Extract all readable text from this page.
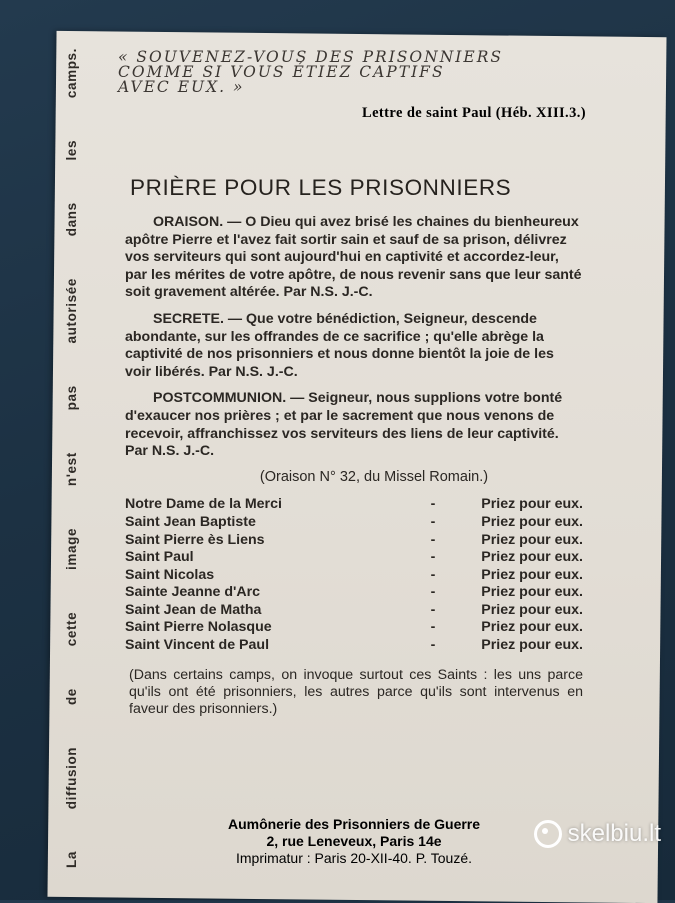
« SOUVENEZ-VOUS DES PRISONNIERS
COMME SI VOUS ÉTIEZ CAPTIFS
AVEC EUX. »
Lettre de saint Paul (Héb. XIII.3.)
La diffusion de cette image n'est pas autorisée dans les camps. PRIÈRE POUR LES PRISONNIERS

ORAISON. — O Dieu qui avez brisé les chaines du bienheureux apôtre Pierre et l'avez fait sortir sain et sauf de sa prison, délivrez vos serviteurs qui sont aujourd'hui en captivité et accordez-leur, par les mérites de votre apôtre, de nous revenir sans que leur santé soit gravement altérée. Par N.S. J.-C.

SECRETE. — Que votre bénédiction, Seigneur, descende abondante, sur les offrandes de ce sacrifice ; qu'elle abrège la captivité de nos prisonniers et nous donne bientôt la joie de les voir libérés. Par N.S. J.-C.

POSTCOMMUNION. — Seigneur, nous supplions votre bonté d'exaucer nos prières ; et par le sacrement que nous venons de recevoir, affranchissez vos serviteurs des liens de leur captivité. Par N.S. J.-C.

(Oraison N° 32, du Missel Romain.)
Notre Dame de la Merci	-	Priez pour eux.
Saint Jean Baptiste	-	Priez pour eux.
Saint Pierre ès Liens	-	Priez pour eux.
Saint Paul	-	Priez pour eux.
Saint Nicolas	-	Priez pour eux.
Sainte Jeanne d'Arc	-	Priez pour eux.
Saint Jean de Matha	-	Priez pour eux.
Saint Pierre Nolasque	-	Priez pour eux.
Saint Vincent de Paul	-	Priez pour eux.
(Dans certains camps, on invoque surtout ces Saints : les uns parce qu'ils ont été prisonniers, les autres parce qu'ils sont intervenus en faveur des prisonniers.)
Aumônerie des Prisonniers de Guerre
2, rue Leneveux, Paris 14e
Imprimatur : Paris 20-XII-40. P. Touzé.
skelbiu.lt
